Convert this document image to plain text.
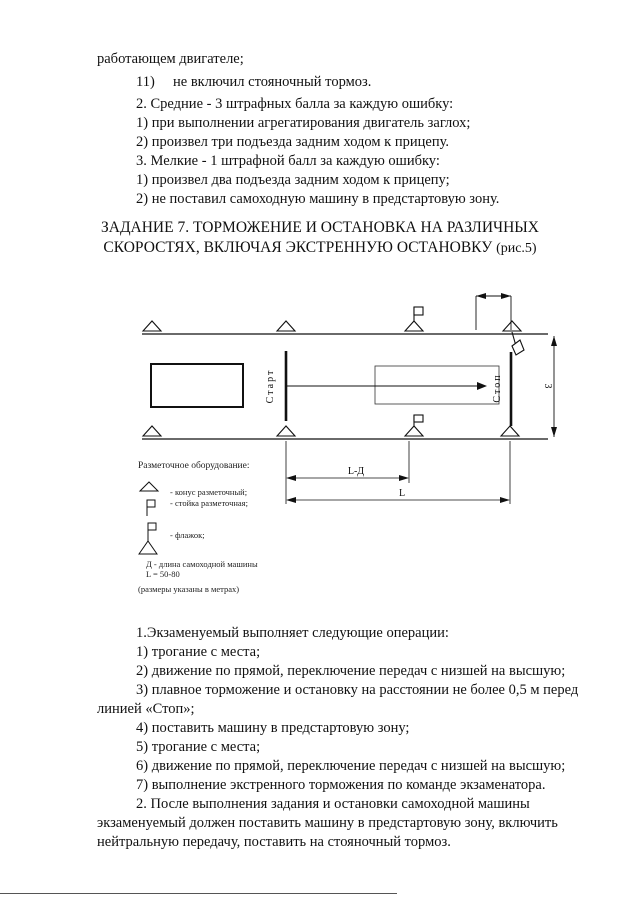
работающем двигателе;
11) не включил стояночный тормоз.
2. Средние - 3 штрафных балла за каждую ошибку:
1) при выполнении агрегатирования двигатель заглох;
2) произвел три подъезда задним ходом к прицепу.
3. Мелкие - 1 штрафной балл за каждую ошибку:
1) произвел два подъезда задним ходом к прицепу;
2) не поставил самоходную машину в предстартовую зону.
ЗАДАНИЕ 7. ТОРМОЖЕНИЕ И ОСТАНОВКА НА РАЗЛИЧНЫХ
СКОРОСТЯХ, ВКЛЮЧАЯ ЭКСТРЕННУЮ ОСТАНОВКУ (рис.5)
Старт	Стоп	З
L-Д
L
Разметочное оборудование:
- конус разметочный;
- стойка разметочная;
- флажок;
Д - длина самоходной машины
L = 50-80
(размеры указаны в метрах)
1.Экзаменуемый выполняет следующие операции:
1) трогание с места;
2) движение по прямой, переключение передач с низшей на высшую;
3) плавное торможение и остановку на расстоянии не более 0,5 м перед
линией «Стоп»;
4) поставить машину в предстартовую зону;
5) трогание с места;
6) движение по прямой, переключение передач с низшей на высшую;
7) выполнение экстренного торможения по команде экзаменатора.
2. После выполнения задания и остановки самоходной машины
экзаменуемый должен поставить машину в предстартовую зону, включить
нейтральную передачу, поставить на стояночный тормоз.
